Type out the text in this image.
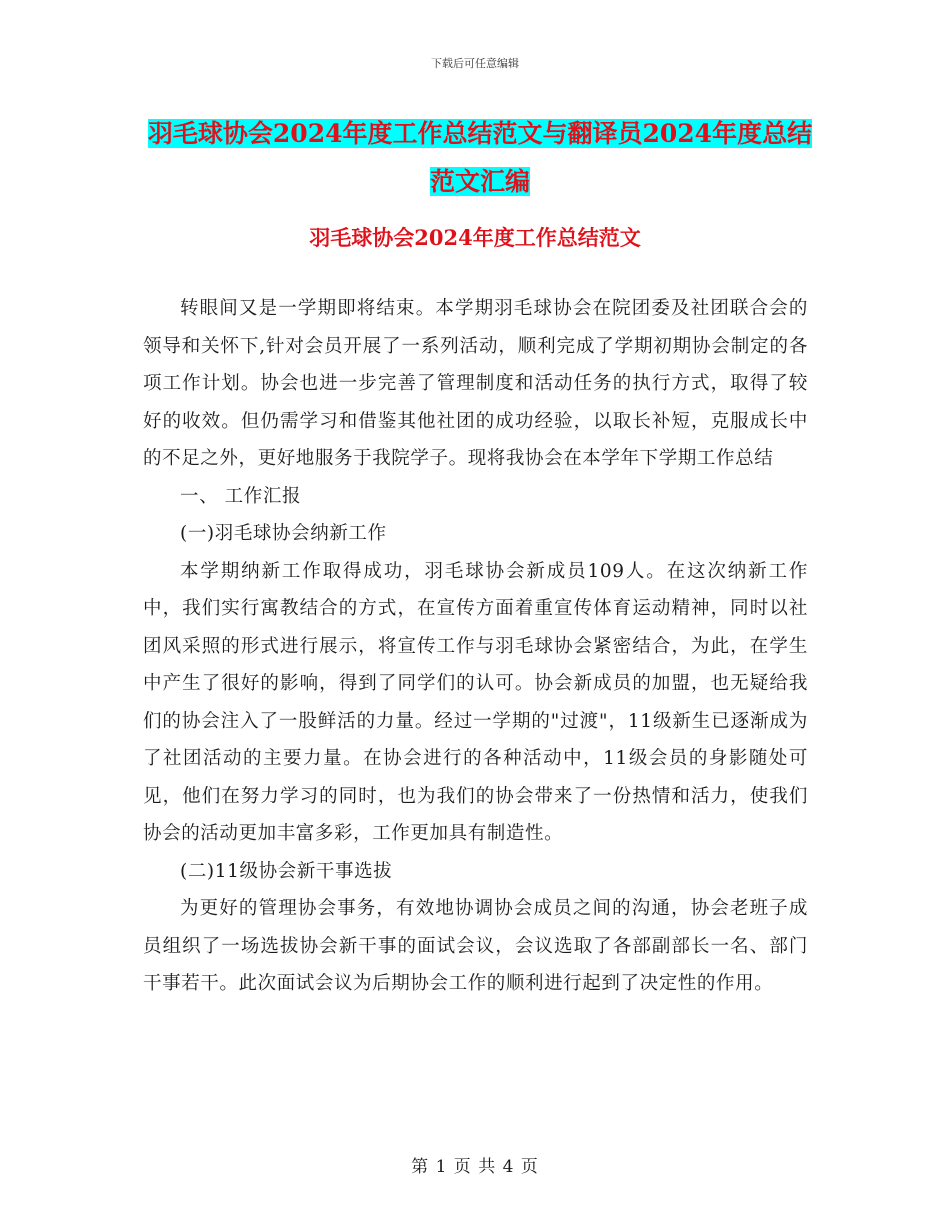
下载后可任意编辑
羽毛球协会2024年度工作总结范文与翻译员2024年度总结范文汇编
羽毛球协会2024年度工作总结范文

转眼间又是一学期即将结束。本学期羽毛球协会在院团委及社团联合会的领导和关怀下,针对会员开展了一系列活动，顺利完成了学期初期协会制定的各项工作计划。协会也进一步完善了管理制度和活动任务的执行方式，取得了较好的收效。但仍需学习和借鉴其他社团的成功经验，以取长补短，克服成长中的不足之外，更好地服务于我院学子。现将我协会在本学年下学期工作总结

一、 工作汇报

(一)羽毛球协会纳新工作

本学期纳新工作取得成功，羽毛球协会新成员109人。在这次纳新工作中，我们实行寓教结合的方式，在宣传方面着重宣传体育运动精神，同时以社团风采照的形式进行展示，将宣传工作与羽毛球协会紧密结合，为此，在学生中产生了很好的影响，得到了同学们的认可。协会新成员的加盟，也无疑给我们的协会注入了一股鲜活的力量。经过一学期的"过渡"，11级新生已逐渐成为了社团活动的主要力量。在协会进行的各种活动中，11级会员的身影随处可见，他们在努力学习的同时，也为我们的协会带来了一份热情和活力，使我们协会的活动更加丰富多彩，工作更加具有制造性。

(二)11级协会新干事选拔

为更好的管理协会事务，有效地协调协会成员之间的沟通，协会老班子成员组织了一场选拔协会新干事的面试会议，会议选取了各部副部长一名、部门干事若干。此次面试会议为后期协会工作的顺利进行起到了决定性的作用。

第 1 页 共 4 页
